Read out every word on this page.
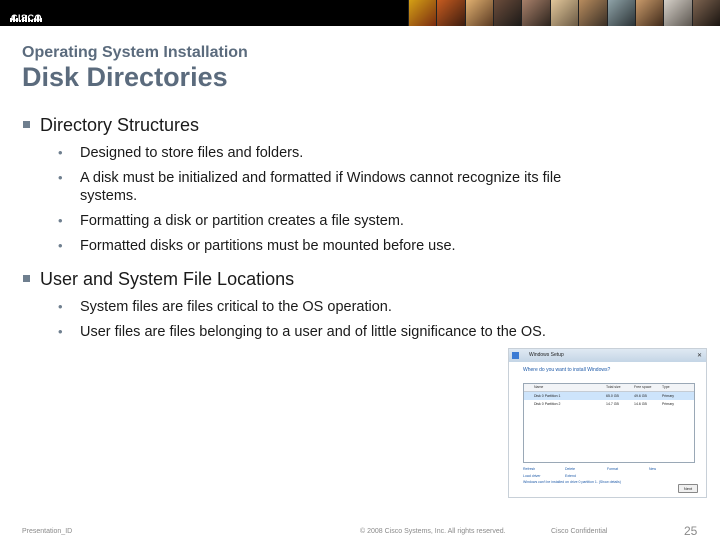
CISCO
Operating System Installation
Disk Directories
Directory Structures
• Designed to store files and folders.
• A disk must be initialized and formatted if Windows cannot recognize its file systems.
• Formatting a disk or partition creates a file system.
• Formatted disks or partitions must be mounted before use.
User and System File Locations
• System files are files critical to the OS operation.
• User files are files belonging to a user and of little significance to the OS.
Windows Setup	✕
Where do you want to install Windows?
Name	Total size	Free space	Type
Disk 0 Partition 1	65.0 GB	49.6 GB	Primary
Disk 0 Partition 2	14.7 GB	14.6 GB	Primary
Refresh	Delete	Format	New
Load driver	Extend
Windows can't be installed on drive 0 partition 1. (Show details)
Next
Presentation_ID	© 2008 Cisco Systems, Inc. All rights reserved.	Cisco Confidential	25
